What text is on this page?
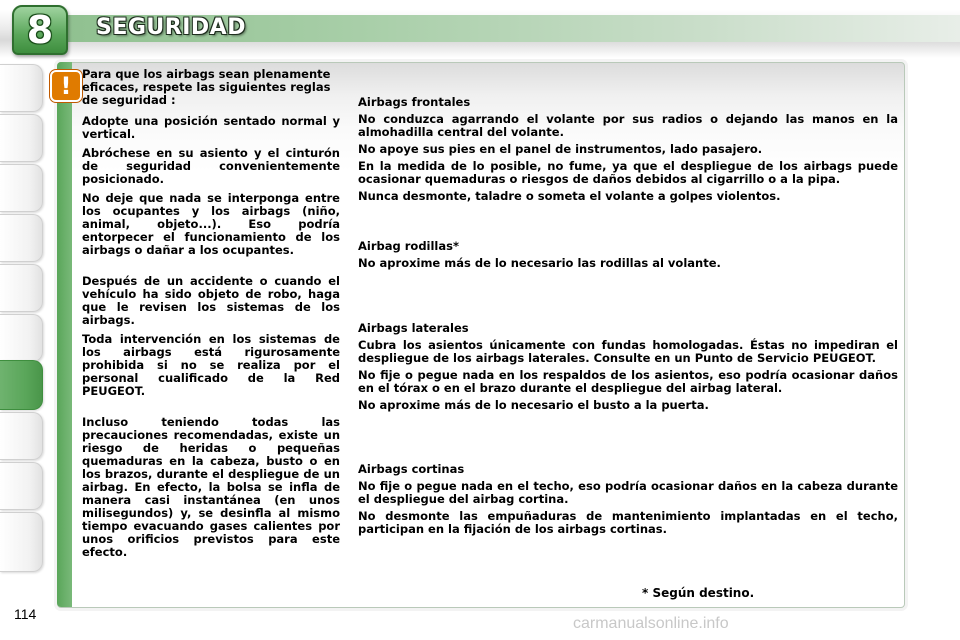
8 SEGURIDAD
! Para que los airbags sean plenamente eficaces, respete las siguientes reglas de seguridad :

Adopte una posición sentado normal y vertical.

Abróchese en su asiento y el cinturón de seguridad convenientemente posicionado.

No deje que nada se interponga entre los ocupantes y los airbags (niño, animal, objeto...). Eso podría entorpecer el funcionamiento de los airbags o dañar a los ocupantes.

Después de un accidente o cuando el vehículo ha sido objeto de robo, haga que le revisen los sistemas de los airbags.

Toda intervención en los sistemas de los airbags está rigurosamente prohibida si no se realiza por el personal cualificado de la Red PEUGEOT.

Incluso teniendo todas las precauciones recomendadas, existe un riesgo de heridas o pequeñas quemaduras en la cabeza, busto o en los brazos, durante el despliegue de un airbag. En efecto, la bolsa se infla de manera casi instantánea (en unos milisegundos) y, se desinfla al mismo tiempo evacuando gases calientes por unos orificios previstos para este efecto.

Airbags frontales

No conduzca agarrando el volante por sus radios o dejando las manos en la almohadilla central del volante.

No apoye sus pies en el panel de instrumentos, lado pasajero.

En la medida de lo posible, no fume, ya que el despliegue de los airbags puede ocasionar quemaduras o riesgos de daños debidos al cigarrillo o a la pipa.

Nunca desmonte, taladre o someta el volante a golpes violentos.

Airbag rodillas*

No aproxime más de lo necesario las rodillas al volante.

Airbags laterales

Cubra los asientos únicamente con fundas homologadas. Éstas no impediran el despliegue de los airbags laterales. Consulte en un Punto de Servicio PEUGEOT.

No fije o pegue nada en los respaldos de los asientos, eso podría ocasionar daños en el tórax o en el brazo durante el despliegue del airbag lateral.

No aproxime más de lo necesario el busto a la puerta.

Airbags cortinas

No fije o pegue nada en el techo, eso podría ocasionar daños en la cabeza durante el despliegue del airbag cortina.

No desmonte las empuñaduras de mantenimiento implantadas en el techo, participan en la fijación de los airbags cortinas.

* Según destino.
114
carmanualsonline.info
